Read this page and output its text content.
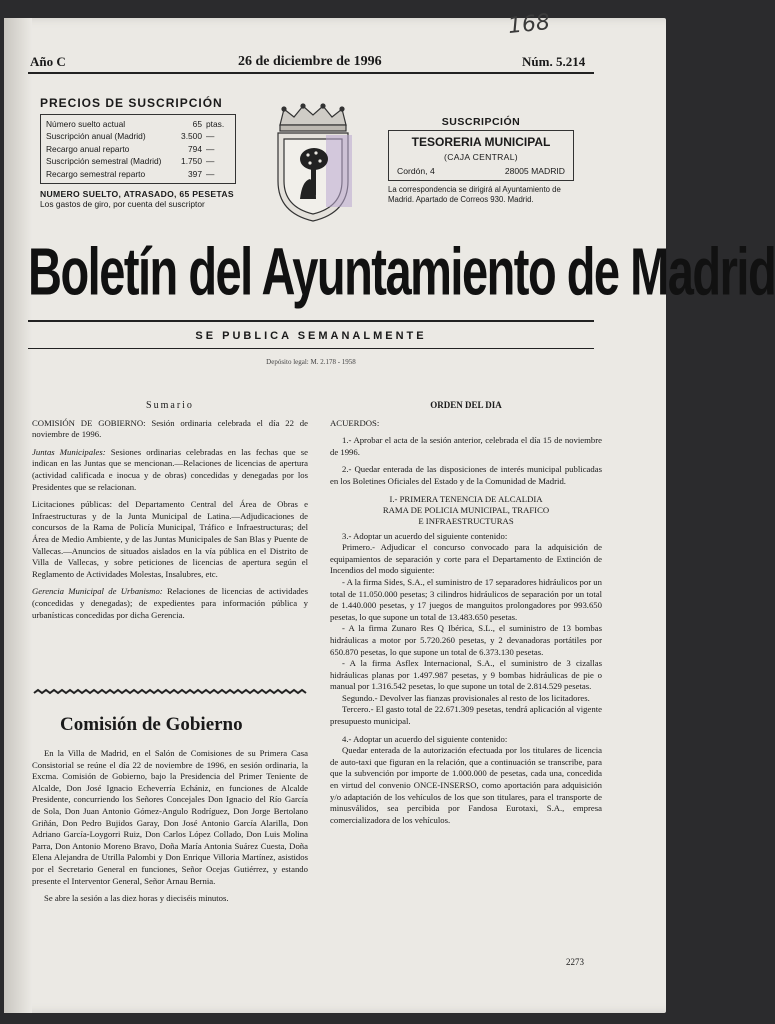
168
Año C	26 de diciembre de 1996	Núm. 5.214
PRECIOS DE SUSCRIPCIÓN
Número suelto actual	65 ptas.
Suscripción anual (Madrid)	3.500 —
Recargo anual reparto	794 —
Suscripción semestral (Madrid)	1.750 —
Recargo semestral reparto	397 —
NUMERO SUELTO, ATRASADO, 65 PESETAS
Los gastos de giro, por cuenta del suscriptor
SUSCRIPCIÓN
TESORERIA MUNICIPAL
(CAJA CENTRAL)
Cordón, 4	28005 MADRID
La correspondencia se dirigirá al Ayuntamiento de Madrid. Apartado de Correos 930. Madrid.
Boletín del Ayuntamiento de Madrid
SE PUBLICA SEMANALMENTE
Depósito legal: M. 2.178 - 1958
Sumario

COMISIÓN DE GOBIERNO: Sesión ordinaria celebrada el día 22 de noviembre de 1996.

Juntas Municipales: Sesiones ordinarias celebradas en las fechas que se indican en las Juntas que se mencionan.—Relaciones de licencias de apertura (actividad calificada e inocua y de obras) concedidas y denegadas por los Presidentes que se relacionan.

Licitaciones públicas: del Departamento Central del Área de Obras e Infraestructuras y de la Junta Municipal de Latina.—Adjudicaciones de concursos de la Rama de Policía Municipal, Tráfico e Infraestructuras; del Área de Medio Ambiente, y de las Juntas Municipales de San Blas y Puente de Vallecas.—Anuncios de situados aislados en la vía pública en el Distrito de Villa de Vallecas, y sobre peticiones de licencias de apertura según el Reglamento de Actividades Molestas, Insalubres, etc.

Gerencia Municipal de Urbanismo: Relaciones de licencias de actividades (concedidas y denegadas); de expedientes para información pública y urbanísticas concedidas por dicha Gerencia.

Comisión de Gobierno

En la Villa de Madrid, en el Salón de Comisiones de su Primera Casa Consistorial se reúne el día 22 de noviembre de 1996, en sesión ordinaria, la Excma. Comisión de Gobierno, bajo la Presidencia del Primer Teniente de Alcalde, Don José Ignacio Echeverría Echániz, en funciones de Alcalde Presidente, concurriendo los Señores Concejales Don Ignacio del Río García de Sola, Don Juan Antonio Gómez-Angulo Rodríguez, Don Jorge Bertolano Griñán, Don Pedro Bujidos Garay, Don José Antonio García Alarilla, Don Adriano García-Loygorri Ruiz, Don Carlos López Collado, Don Luis Molina Parra, Don Antonio Moreno Bravo, Doña María Antonia Suárez Cuesta, Doña Elena Alejandra de Utrilla Palombi y Don Enrique Villoria Martínez, asistidos por el Secretario General en funciones, Señor Ocejas Gutiérrez, y estando presente el Interventor General, Señor Arnau Bernia.

Se abre la sesión a las diez horas y dieciséis minutos.

ORDEN DEL DIA

ACUERDOS:

1.- Aprobar el acta de la sesión anterior, celebrada el día 15 de noviembre de 1996.

2.- Quedar enterada de las disposiciones de interés municipal publicadas en los Boletines Oficiales del Estado y de la Comunidad de Madrid.

I.- PRIMERA TENENCIA DE ALCALDIA
RAMA DE POLICIA MUNICIPAL, TRAFICO
E INFRAESTRUCTURAS

3.- Adoptar un acuerdo del siguiente contenido:

Primero.- Adjudicar el concurso convocado para la adquisición de equipamientos de separación y corte para el Departamento de Extinción de Incendios del modo siguiente:

- A la firma Sides, S.A., el suministro de 17 separadores hidráulicos por un total de 11.050.000 pesetas; 3 cilindros hidráulicos de separación por un total de 1.440.000 pesetas, y 17 juegos de manguitos prolongadores por 993.650 pesetas, lo que supone un total de 13.483.650 pesetas.

- A la firma Zunaro Res Q Ibérica, S.L., el suministro de 13 bombas hidráulicas a motor por 5.720.260 pesetas, y 2 devanadoras portátiles por 650.870 pesetas, lo que supone un total de 6.373.130 pesetas.

- A la firma Asflex Internacional, S.A., el suministro de 3 cizallas hidráulicas planas por 1.497.987 pesetas, y 9 bombas hidráulicas de pie o manual por 1.316.542 pesetas, lo que supone un total de 2.814.529 pesetas.

Segundo.- Devolver las fianzas provisionales al resto de los licitadores.

Tercero.- El gasto total de 22.671.309 pesetas, tendrá aplicación al vigente presupuesto municipal.

4.- Adoptar un acuerdo del siguiente contenido:

Quedar enterada de la autorización efectuada por los titulares de licencia de auto-taxi que figuran en la relación, que a continuación se transcribe, para que la subvención por importe de 1.000.000 de pesetas, cada una, concedida en virtud del convenio ONCE-INSERSO, como aportación para adquisición y/o adaptación de los vehículos de los que son titulares, para el transporte de minusválidos, sea percibida por Fandosa Eurotaxi, S.A., empresa comercializadora de los vehículos.

2273
